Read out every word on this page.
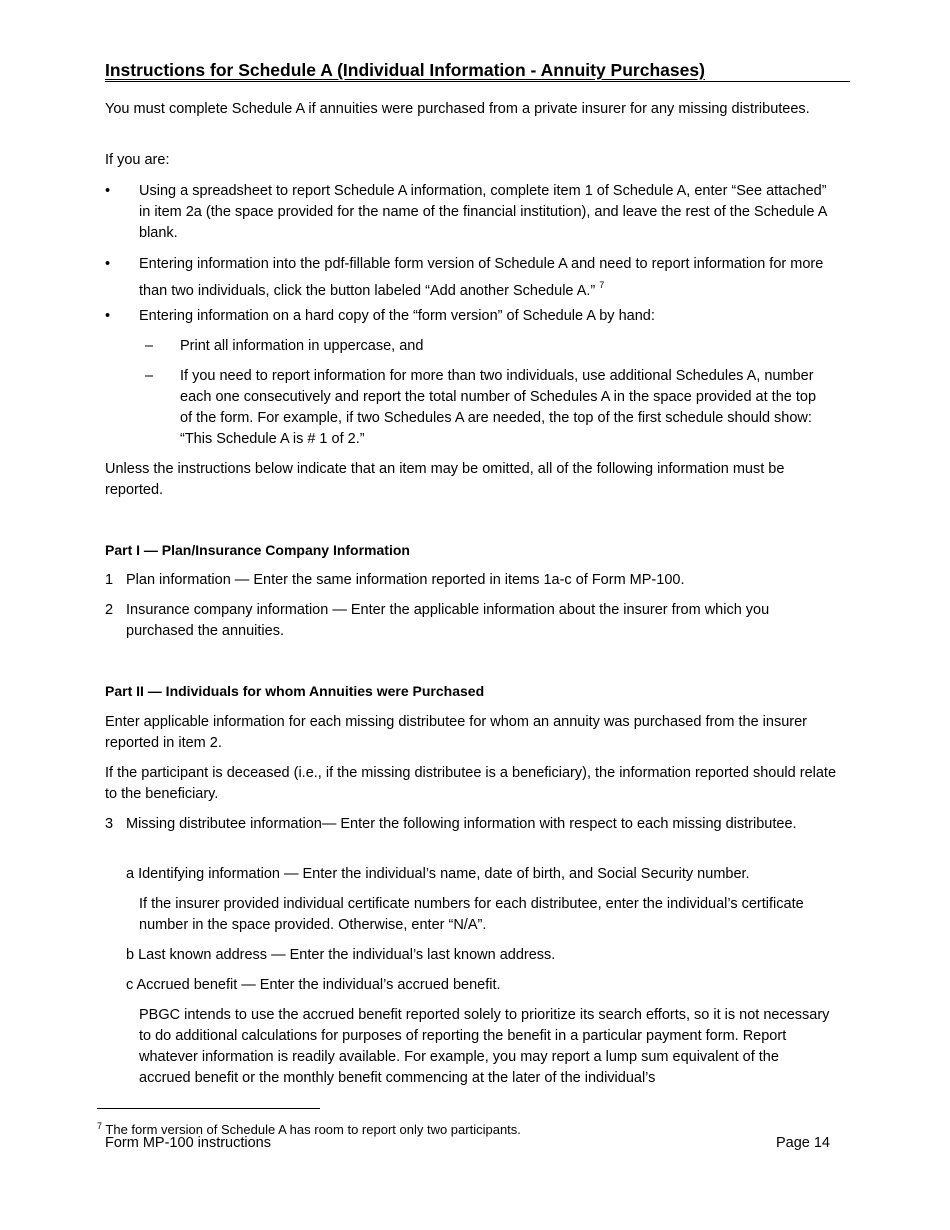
Instructions for Schedule A (Individual Information - Annuity Purchases)

You must complete Schedule A if annuities were purchased from a private insurer for any missing distributees.

If you are:

•	Using a spreadsheet to report Schedule A information, complete item 1 of Schedule A, enter “See attached” in item 2a (the space provided for the name of the financial institution), and leave the rest of the Schedule A blank.

•	Entering information into the pdf-fillable form version of Schedule A and need to report information for more than two individuals, click the button labeled “Add another Schedule A.” $^7$

•	Entering information on a hard copy of the “form version” of Schedule A by hand:

– Print all information in uppercase, and

– If you need to report information for more than two individuals, use additional Schedules A, number each one consecutively and report the total number of Schedules A in the space provided at the top of the form. For example, if two Schedules A are needed, the top of the first schedule should show: “This Schedule A is # 1 of 2.”

Unless the instructions below indicate that an item may be omitted, all of the following information must be reported.

Part I — Plan/Insurance Company Information
1 Plan information — Enter the same information reported in items 1a-c of Form MP-100.

2 Insurance company information — Enter the applicable information about the insurer from which you purchased the annuities.

Part II — Individuals for whom Annuities were Purchased

Enter applicable information for each missing distributee for whom an annuity was purchased from the insurer reported in item 2.

If the participant is deceased (i.e., if the missing distributee is a beneficiary), the information reported should relate to the beneficiary.

3 Missing distributee information— Enter the following information with respect to each missing distributee.

a Identifying information — Enter the individual’s name, date of birth, and Social Security number.

If the insurer provided individual certificate numbers for each distributee, enter the individual’s certificate number in the space provided. Otherwise, enter “N/A”.

b Last known address — Enter the individual’s last known address.

c Accrued benefit — Enter the individual’s accrued benefit.

PBGC intends to use the accrued benefit reported solely to prioritize its search efforts, so it is not necessary to do additional calculations for purposes of reporting the benefit in a particular payment form. Report whatever information is readily available. For example, you may report a lump sum equivalent of the accrued benefit or the monthly benefit commencing at the later of the individual’s

$^7$ The form version of Schedule A has room to report only two participants.
Form MP-100 instructions	Page 14
